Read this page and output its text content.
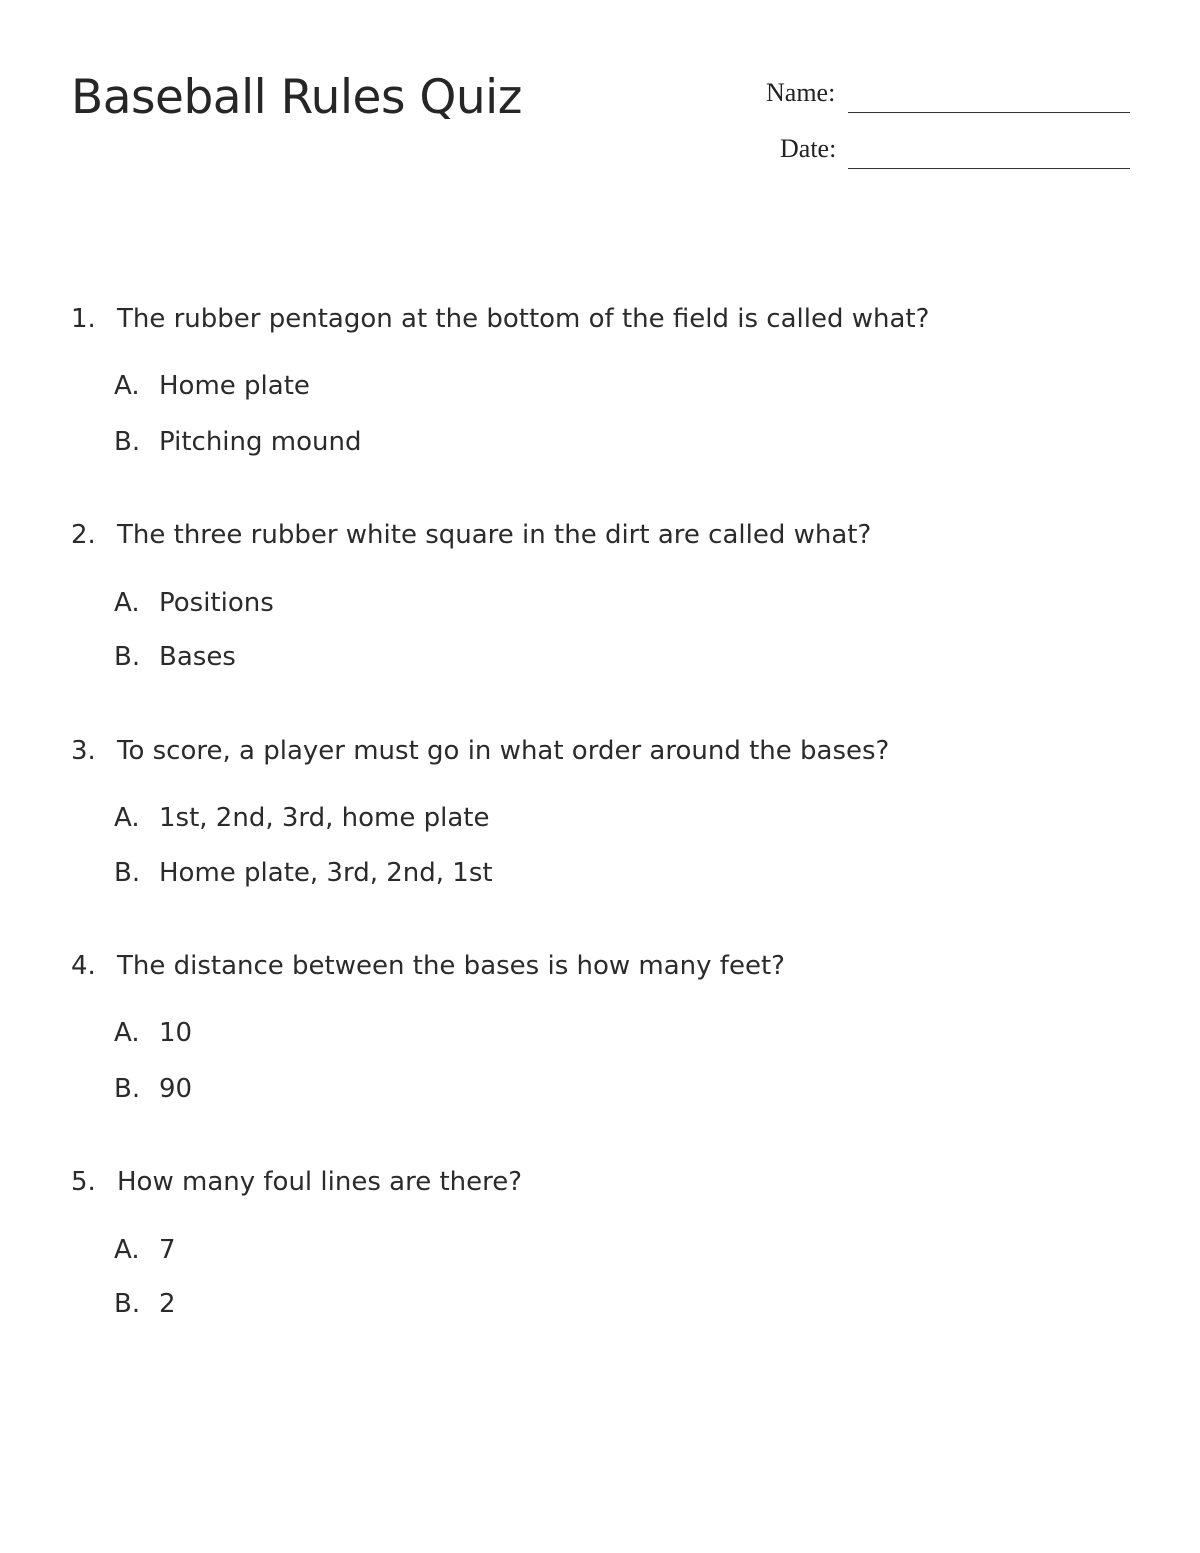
Baseball Rules Quiz	Name:
Date:
1. The rubber pentagon at the bottom of the field is called what?
A. Home plate
B. Pitching mound
2. The three rubber white square in the dirt are called what?
A. Positions
B. Bases
3. To score, a player must go in what order around the bases?
A. 1st, 2nd, 3rd, home plate
B. Home plate, 3rd, 2nd, 1st
4. The distance between the bases is how many feet?
A. 10
B. 90
5. How many foul lines are there?
A. 7
B. 2
